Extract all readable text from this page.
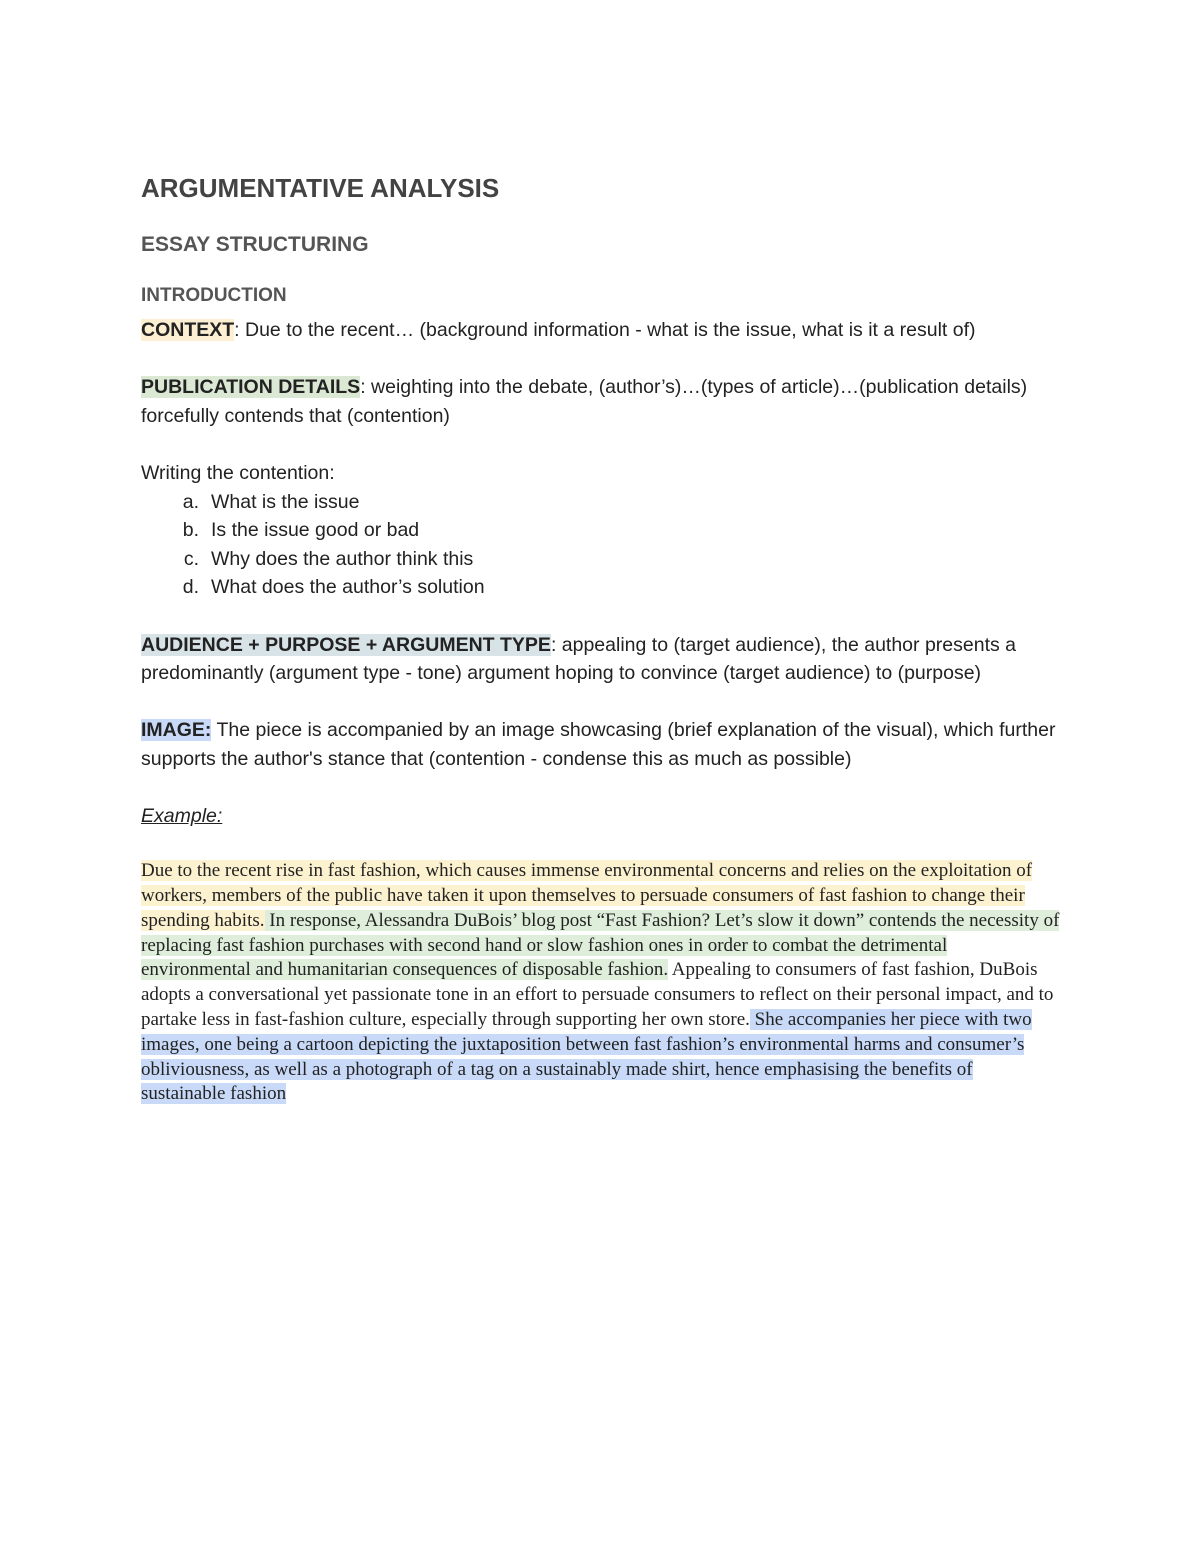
ARGUMENTATIVE ANALYSIS
ESSAY STRUCTURING
INTRODUCTION

CONTEXT: Due to the recent… (background information - what is the issue, what is it a result of)

PUBLICATION DETAILS: weighting into the debate, (author’s)…(types of article)…(publication details) forcefully contends that (contention)

Writing the contention:

a. What is the issue
b. Is the issue good or bad
c. Why does the author think this
d. What does the author’s solution

AUDIENCE + PURPOSE + ARGUMENT TYPE: appealing to (target audience), the author presents a predominantly (argument type - tone) argument hoping to convince (target audience) to (purpose)

IMAGE: The piece is accompanied by an image showcasing (brief explanation of the visual), which further supports the author's stance that (contention - condense this as much as possible)

Example:

Due to the recent rise in fast fashion, which causes immense environmental concerns and relies on the exploitation of workers, members of the public have taken it upon themselves to persuade consumers of fast fashion to change their spending habits. In response, Alessandra DuBois’ blog post “Fast Fashion? Let’s slow it down” contends the necessity of replacing fast fashion purchases with second hand or slow fashion ones in order to combat the detrimental environmental and humanitarian consequences of disposable fashion. Appealing to consumers of fast fashion, DuBois adopts a conversational yet passionate tone in an effort to persuade consumers to reflect on their personal impact, and to partake less in fast-fashion culture, especially through supporting her own store. She accompanies her piece with two images, one being a cartoon depicting the juxtaposition between fast fashion’s environmental harms and consumer’s obliviousness, as well as a photograph of a tag on a sustainably made shirt, hence emphasising the benefits of sustainable fashion
